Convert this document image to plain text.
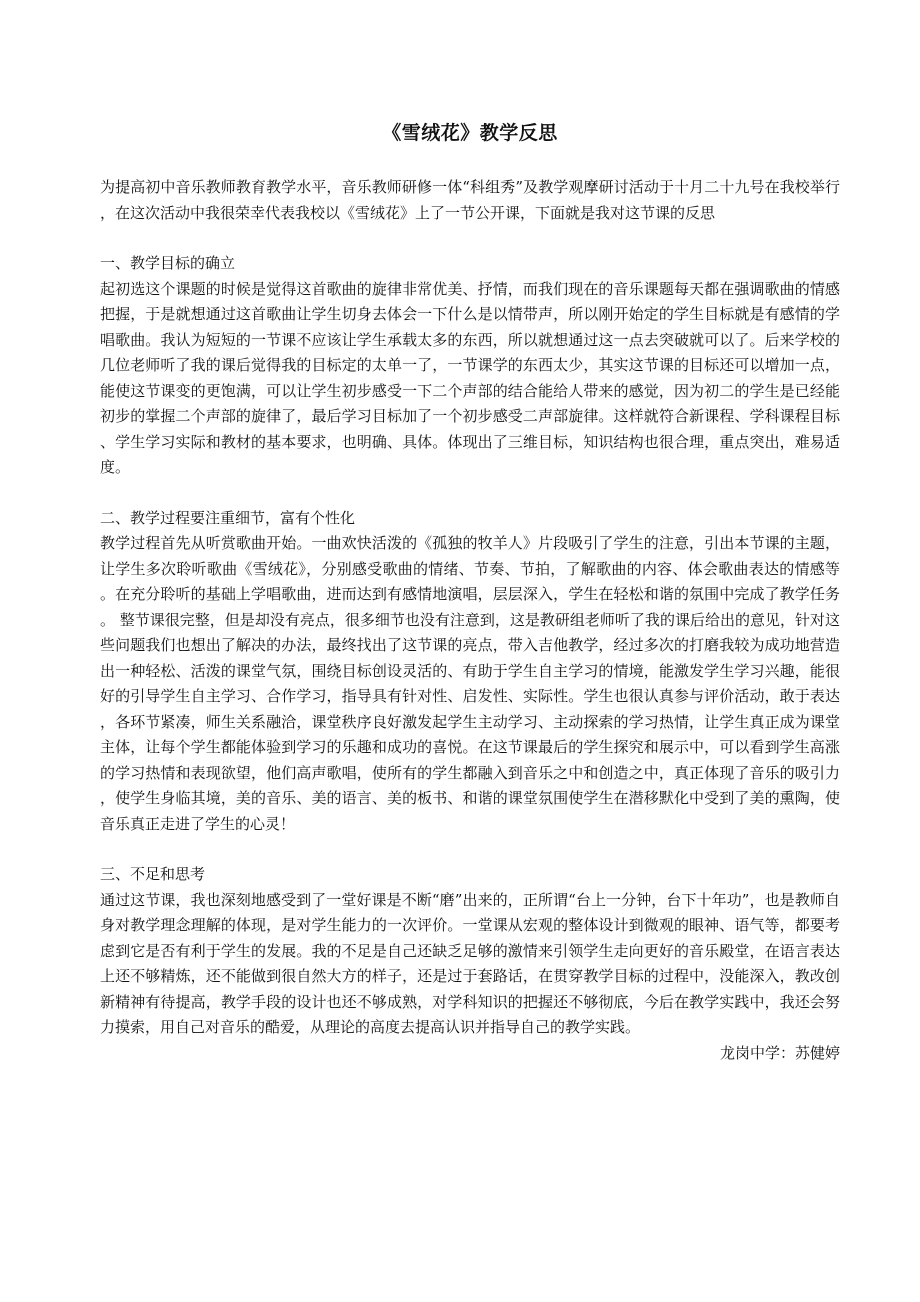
《雪绒花》教学反思

为提高初中音乐教师教育教学水平，音乐教师研修一体“科组秀”及教学观摩研讨活动于十月二十九号在我校举行，在这次活动中我很荣幸代表我校以《雪绒花》上了一节公开课，下面就是我对这节课的反思

一、教学目标的确立

起初选这个课题的时候是觉得这首歌曲的旋律非常优美、抒情，而我们现在的音乐课题每天都在强调歌曲的情感把握，于是就想通过这首歌曲让学生切身去体会一下什么是以情带声，所以刚开始定的学生目标就是有感情的学唱歌曲。我认为短短的一节课不应该让学生承载太多的东西，所以就想通过这一点去突破就可以了。后来学校的几位老师听了我的课后觉得我的目标定的太单一了，一节课学的东西太少，其实这节课的目标还可以增加一点，能使这节课变的更饱满，可以让学生初步感受一下二个声部的结合能给人带来的感觉，因为初二的学生是已经能初步的掌握二个声部的旋律了，最后学习目标加了一个初步感受二声部旋律。这样就符合新课程、学科课程目标、学生学习实际和教材的基本要求，也明确、具体。体现出了三维目标，知识结构也很合理，重点突出，难易适度。

二、教学过程要注重细节，富有个性化

教学过程首先从听赏歌曲开始。一曲欢快活泼的《孤独的牧羊人》片段吸引了学生的注意，引出本节课的主题，让学生多次聆听歌曲《雪绒花》，分别感受歌曲的情绪、节奏、节拍，了解歌曲的内容、体会歌曲表达的情感等。在充分聆听的基础上学唱歌曲，进而达到有感情地演唱，层层深入，学生在轻松和谐的氛围中完成了教学任务。 整节课很完整，但是却没有亮点，很多细节也没有注意到，这是教研组老师听了我的课后给出的意见，针对这些问题我们也想出了解决的办法，最终找出了这节课的亮点，带入吉他教学，经过多次的打磨我较为成功地营造出一种轻松、活泼的课堂气氛，围绕目标创设灵活的、有助于学生自主学习的情境，能激发学生学习兴趣，能很好的引导学生自主学习、合作学习，指导具有针对性、启发性、实际性。学生也很认真参与评价活动，敢于表达，各环节紧凑，师生关系融洽，课堂秩序良好激发起学生主动学习、主动探索的学习热情，让学生真正成为课堂主体，让每个学生都能体验到学习的乐趣和成功的喜悦。在这节课最后的学生探究和展示中，可以看到学生高涨的学习热情和表现欲望，他们高声歌唱，使所有的学生都融入到音乐之中和创造之中，真正体现了音乐的吸引力，使学生身临其境，美的音乐、美的语言、美的板书、和谐的课堂氛围使学生在潜移默化中受到了美的熏陶，使音乐真正走进了学生的心灵！

三、不足和思考

通过这节课，我也深刻地感受到了一堂好课是不断“磨”出来的，正所谓“台上一分钟，台下十年功”，也是教师自身对教学理念理解的体现，是对学生能力的一次评价。一堂课从宏观的整体设计到微观的眼神、语气等，都要考虑到它是否有利于学生的发展。我的不足是自己还缺乏足够的激情来引领学生走向更好的音乐殿堂，在语言表达上还不够精炼，还不能做到很自然大方的样子，还是过于套路话，在贯穿教学目标的过程中，没能深入，教改创新精神有待提高，教学手段的设计也还不够成熟，对学科知识的把握还不够彻底，今后在教学实践中，我还会努力摸索，用自己对音乐的酷爱，从理论的高度去提高认识并指导自己的教学实践。

龙岗中学：苏健婷
